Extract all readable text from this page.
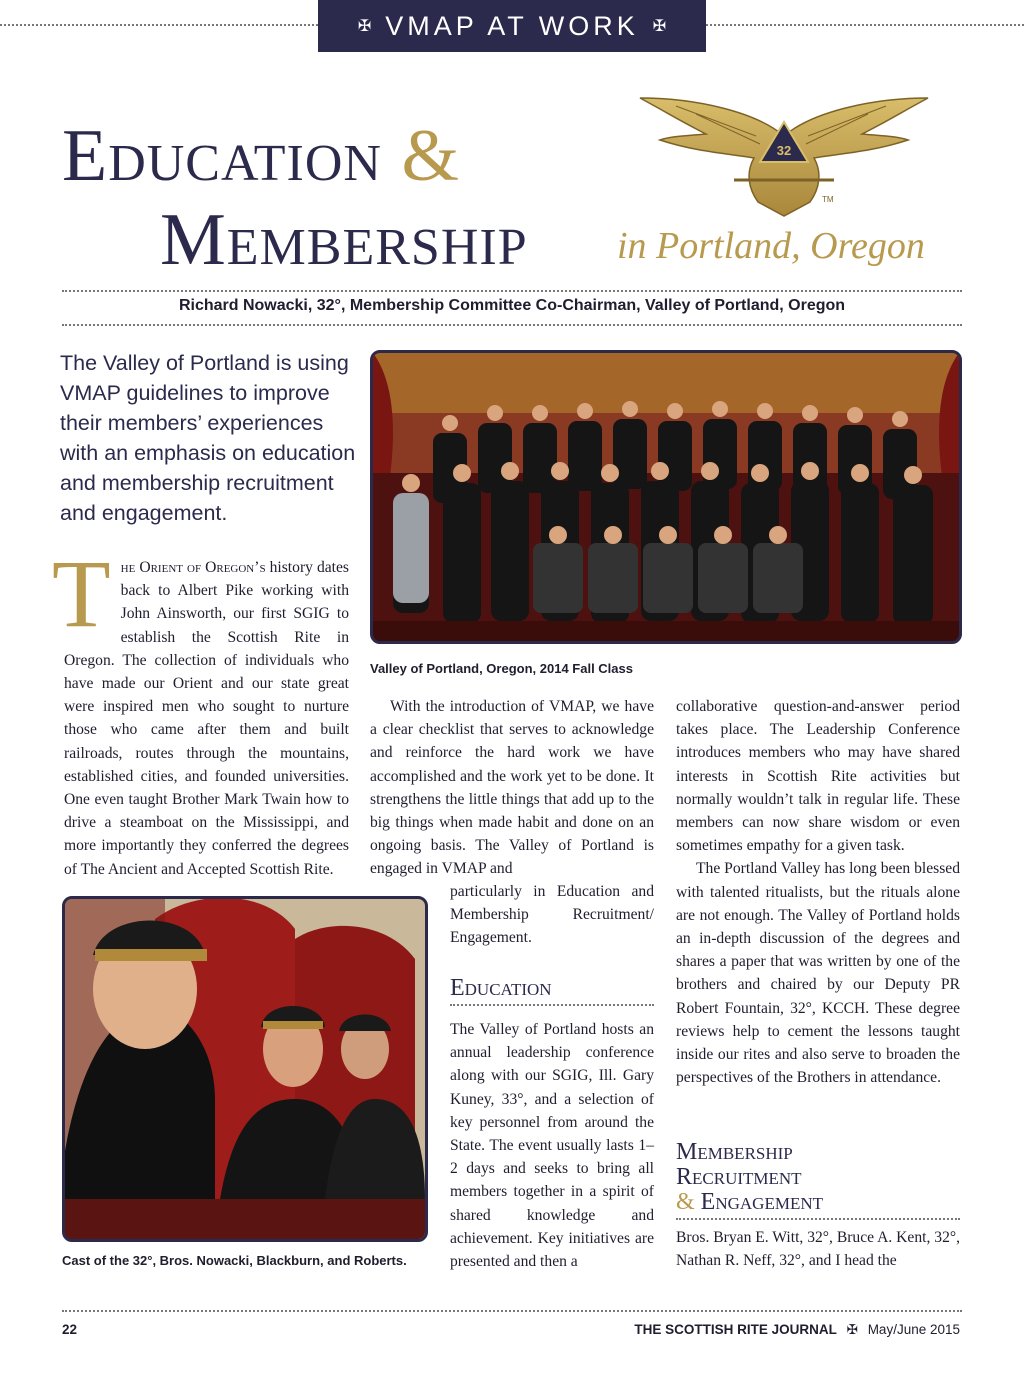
✠ VMAP AT WORK ✠
Education &
Membership in Portland, Oregon
32
TM
Richard Nowacki, 32°, Membership Committee Co-Chairman, Valley of Portland, Oregon
The Valley of Portland is using VMAP guidelines to improve their members’ experiences with an emphasis on education and membership recruitment and engagement.

The Orient of Oregon’s history dates back to Albert Pike working with John Ainsworth, our first SGIG to establish the Scottish Rite in Oregon. The collection of individuals who have made our Orient and our state great were inspired men who sought to nurture those who came after them and built railroads, routes through the mountains, established cities, and founded universities. One even taught Brother Mark Twain how to drive a steamboat on the Mississippi, and more importantly they conferred the degrees of The Ancient and Accepted Scottish Rite.

Valley of Portland, Oregon, 2014 Fall Class
Cast of the 32°, Bros. Nowacki, Blackburn, and Roberts.

With the introduction of VMAP, we have a clear checklist that serves to acknowledge and reinforce the hard work we have accomplished and the work yet to be done. It strengthens the little things that add up to the big things when made habit and done on an ongoing basis. The Valley of Portland is engaged in VMAP and

particularly in Education and Membership Recruitment/ Engagement.

Education

The Valley of Portland hosts an annual leadership conference along with our SGIG, Ill. Gary Kuney, 33°, and a selection of key personnel from around the State. The event usually lasts 1–2 days and seeks to bring all members together in a spirit of shared knowledge and achievement. Key initiatives are presented and then a

collaborative question-and-answer period takes place. The Leadership Conference introduces members who may have shared interests in Scottish Rite activities but normally wouldn’t talk in regular life. These members can now share wisdom or even sometimes empathy for a given task.

The Portland Valley has long been blessed with talented ritualists, but the rituals alone are not enough. The Valley of Portland holds an in-depth discussion of the degrees and shares a paper that was written by one of the brothers and chaired by our Deputy PR Robert Fountain, 32°, KCCH. These degree reviews help to cement the lessons taught inside our rites and also serve to broaden the perspectives of the Brothers in attendance.

Membership
Recruitment
& Engagement

Bros. Bryan E. Witt, 32°, Bruce A. Kent, 32°, Nathan R. Neff, 32°, and I head the

22	THE SCOTTISH RITE JOURNAL ✠ May/June 2015
